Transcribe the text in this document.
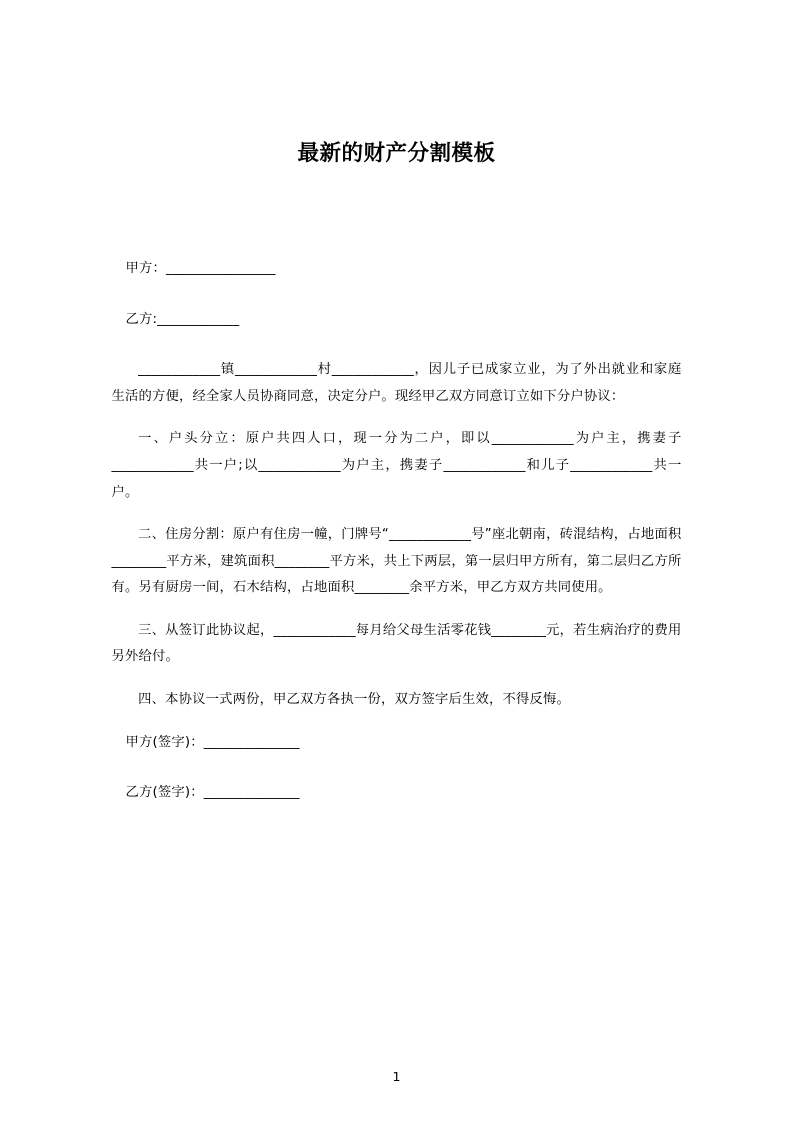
最新的财产分割模板

甲方：________________

乙方:____________

____________镇____________村____________，因儿子已成家立业，为了外出就业和家庭生活的方便，经全家人员协商同意，决定分户。现经甲乙双方同意订立如下分户协议：

一、户头分立：原户共四人口，现一分为二户，即以____________为户主，携妻子____________共一户;以____________为户主，携妻子____________和儿子____________共一户。

二、住房分割：原户有住房一幢，门牌号“____________号”座北朝南，砖混结构，占地面积________平方米，建筑面积________平方米，共上下两层，第一层归甲方所有，第二层归乙方所有。另有厨房一间，石木结构，占地面积________余平方米，甲乙方双方共同使用。

三、从签订此协议起，____________每月给父母生活零花钱________元，若生病治疗的费用另外给付。

四、本协议一式两份，甲乙双方各执一份，双方签字后生效，不得反悔。

甲方(签字)：______________

乙方(签字)：______________

1
